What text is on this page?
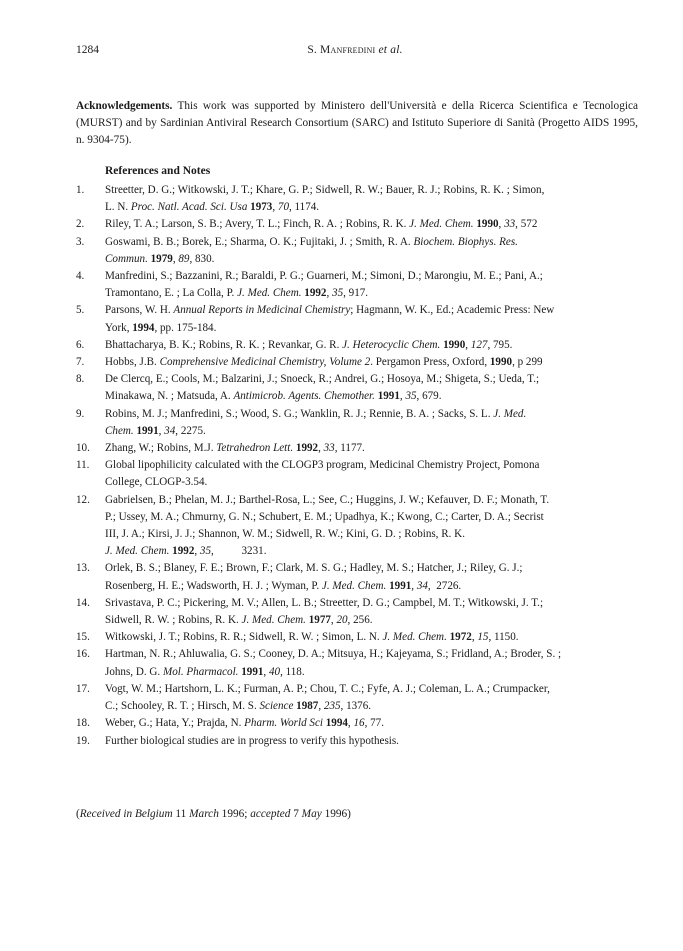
1284	S. Manfredini et al.

Acknowledgements. This work was supported by Ministero dell'Università e della Ricerca Scientifica e Tecnologica (MURST) and by Sardinian Antiviral Research Consortium (SARC) and Istituto Superiore di Sanità (Progetto AIDS 1995, n. 9304-75).

References and Notes
1. Streetter, D. G.; Witkowski, J. T.; Khare, G. P.; Sidwell, R. W.; Bauer, R. J.; Robins, R. K. ; Simon,
L. N. Proc. Natl. Acad. Sci. Usa 1973, 70, 1174.
2. Riley, T. A.; Larson, S. B.; Avery, T. L.; Finch, R. A. ; Robins, R. K. J. Med. Chem. 1990, 33, 572
3. Goswami, B. B.; Borek, E.; Sharma, O. K.; Fujitaki, J. ; Smith, R. A. Biochem. Biophys. Res.
Commun. 1979, 89, 830.
4. Manfredini, S.; Bazzanini, R.; Baraldi, P. G.; Guarneri, M.; Simoni, D.; Marongiu, M. E.; Pani, A.;
Tramontano, E. ; La Colla, P. J. Med. Chem. 1992, 35, 917.
5. Parsons, W. H. Annual Reports in Medicinal Chemistry; Hagmann, W. K., Ed.; Academic Press: New
York, 1994, pp. 175-184.
6. Bhattacharya, B. K.; Robins, R. K. ; Revankar, G. R. J. Heterocyclic Chem. 1990, 127, 795.
7. Hobbs, J.B. Comprehensive Medicinal Chemistry, Volume 2. Pergamon Press, Oxford, 1990, p 299
8. De Clercq, E.; Cools, M.; Balzarini, J.; Snoeck, R.; Andrei, G.; Hosoya, M.; Shigeta, S.; Ueda, T.;
Minakawa, N. ; Matsuda, A. Antimicrob. Agents. Chemother. 1991, 35, 679.
9. Robins, M. J.; Manfredini, S.; Wood, S. G.; Wanklin, R. J.; Rennie, B. A. ; Sacks, S. L. J. Med.
Chem. 1991, 34, 2275.
10. Zhang, W.; Robins, M.J. Tetrahedron Lett. 1992, 33, 1177.
11. Global lipophilicity calculated with the CLOGP3 program, Medicinal Chemistry Project, Pomona
College, CLOGP-3.54.
12. Gabrielsen, B.; Phelan, M. J.; Barthel-Rosa, L.; See, C.; Huggins, J. W.; Kefauver, D. F.; Monath, T.
P.; Ussey, M. A.; Chmurny, G. N.; Schubert, E. M.; Upadhya, K.; Kwong, C.; Carter, D. A.; Secrist
III, J. A.; Kirsi, J. J.; Shannon, W. M.; Sidwell, R. W.; Kini, G. D. ; Robins, R. K.
J. Med. Chem. 1992, 35,          3231.
13. Orlek, B. S.; Blaney, F. E.; Brown, F.; Clark, M. S. G.; Hadley, M. S.; Hatcher, J.; Riley, G. J.;
Rosenberg, H. E.; Wadsworth, H. J. ; Wyman, P. J. Med. Chem. 1991, 34,  2726.
14. Srivastava, P. C.; Pickering, M. V.; Allen, L. B.; Streetter, D. G.; Campbel, M. T.; Witkowski, J. T.;
Sidwell, R. W. ; Robins, R. K. J. Med. Chem. 1977, 20, 256.
15. Witkowski, J. T.; Robins, R. R.; Sidwell, R. W. ; Simon, L. N. J. Med. Chem. 1972, 15, 1150.
16. Hartman, N. R.; Ahluwalia, G. S.; Cooney, D. A.; Mitsuya, H.; Kajeyama, S.; Fridland, A.; Broder, S. ;
Johns, D. G. Mol. Pharmacol. 1991, 40, 118.
17. Vogt, W. M.; Hartshorn, L. K.; Furman, A. P.; Chou, T. C.; Fyfe, A. J.; Coleman, L. A.; Crumpacker,
C.; Schooley, R. T. ; Hirsch, M. S. Science 1987, 235, 1376.
18. Weber, G.; Hata, Y.; Prajda, N. Pharm. World Sci 1994, 16, 77.
19. Further biological studies are in progress to verify this hypothesis.
(Received in Belgium 11 March 1996; accepted 7 May 1996)
